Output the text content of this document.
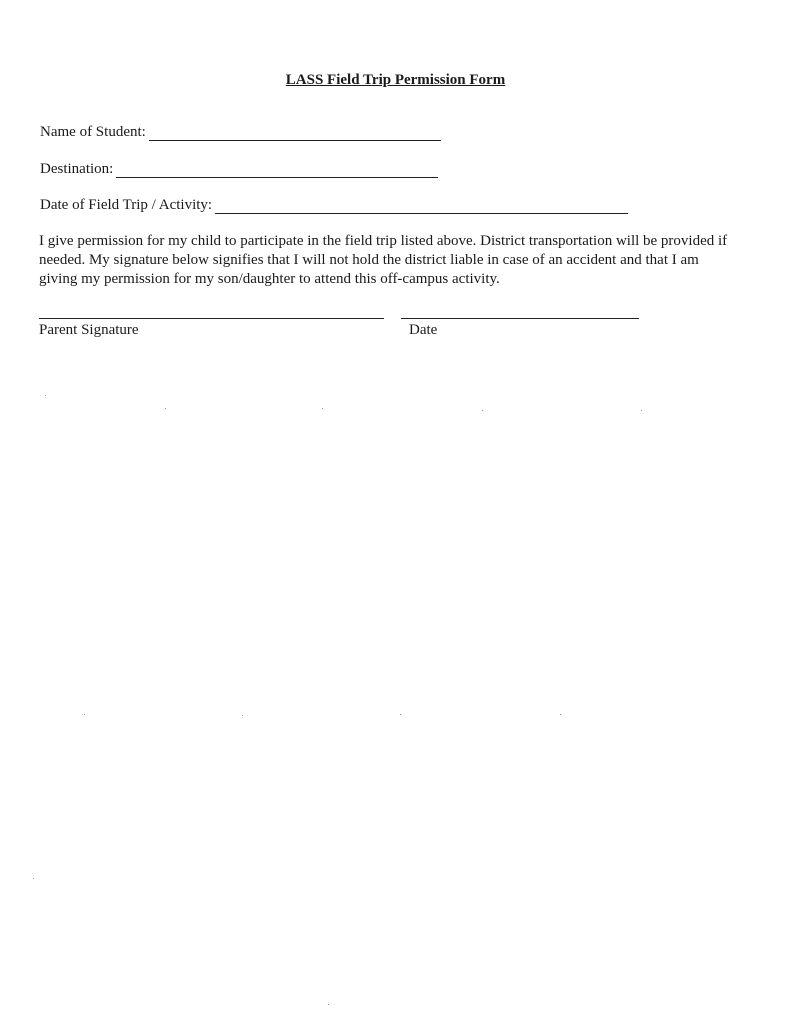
LASS Field Trip Permission Form
Name of Student:
Destination:
Date of Field Trip / Activity:
I give permission for my child to participate in the field trip listed above. District transportation will be provided if needed. My signature below signifies that I will not hold the district liable in case of an accident and that I am giving my permission for my son/daughter to attend this off-campus activity.
Parent Signature	Date
